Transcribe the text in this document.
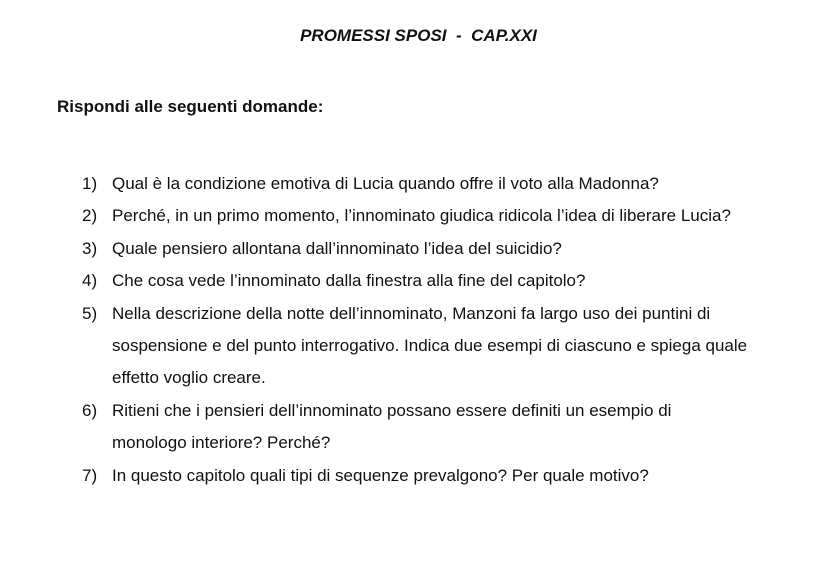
PROMESSI SPOSI  -  CAP.XXI
Rispondi alle seguenti domande:
1) Qual è la condizione emotiva di Lucia quando offre il voto alla Madonna?
2) Perché, in un primo momento, l’innominato giudica ridicola l’idea di liberare Lucia?
3) Quale pensiero allontana dall’innominato l’idea del suicidio?
4) Che cosa vede l’innominato dalla finestra alla fine del capitolo?
5) Nella descrizione della notte dell’innominato, Manzoni fa largo uso dei puntini di sospensione e del punto interrogativo. Indica due esempi di ciascuno e spiega quale effetto voglio creare.
6) Ritieni che i pensieri dell’innominato possano essere definiti un esempio di monologo interiore? Perché?
7) In questo capitolo quali tipi di sequenze prevalgono? Per quale motivo?
